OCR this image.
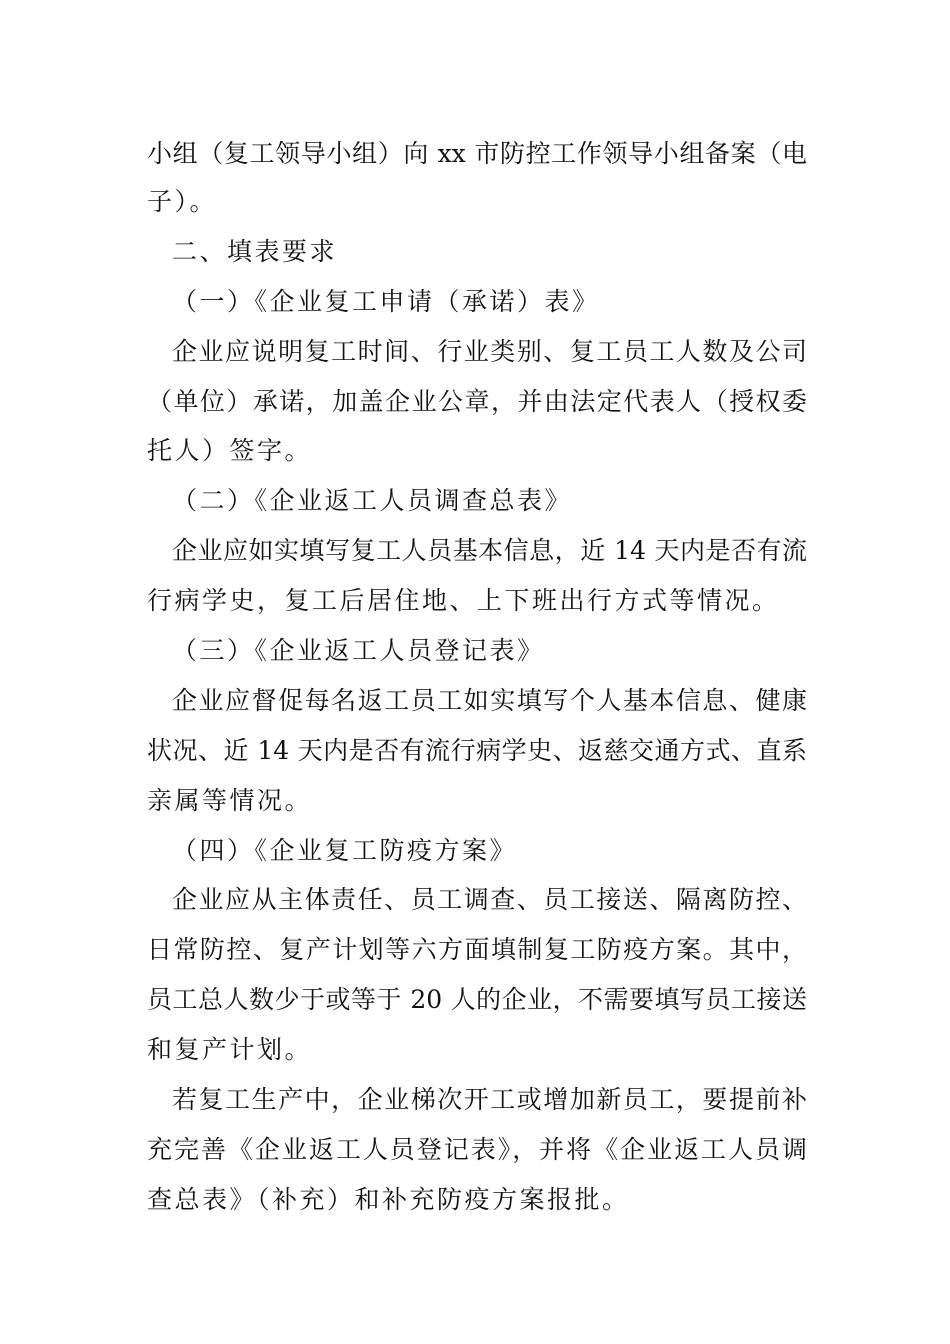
小组（复工领导小组）向 xx 市防控工作领导小组备案（电
子）。
二、填表要求
（一）《企业复工申请（承诺）表》
企业应说明复工时间、行业类别、复工员工人数及公司
（单位）承诺，加盖企业公章，并由法定代表人（授权委
托人）签字。
（二）《企业返工人员调查总表》
企业应如实填写复工人员基本信息，近 14 天内是否有流
行病学史，复工后居住地、上下班出行方式等情况。
（三）《企业返工人员登记表》
企业应督促每名返工员工如实填写个人基本信息、健康
状况、近 14 天内是否有流行病学史、返慈交通方式、直系
亲属等情况。
（四）《企业复工防疫方案》
企业应从主体责任、员工调查、员工接送、隔离防控、
日常防控、复产计划等六方面填制复工防疫方案。其中，
员工总人数少于或等于 20 人的企业，不需要填写员工接送
和复产计划。
若复工生产中，企业梯次开工或增加新员工，要提前补
充完善《企业返工人员登记表》，并将《企业返工人员调
查总表》（补充）和补充防疫方案报批。
